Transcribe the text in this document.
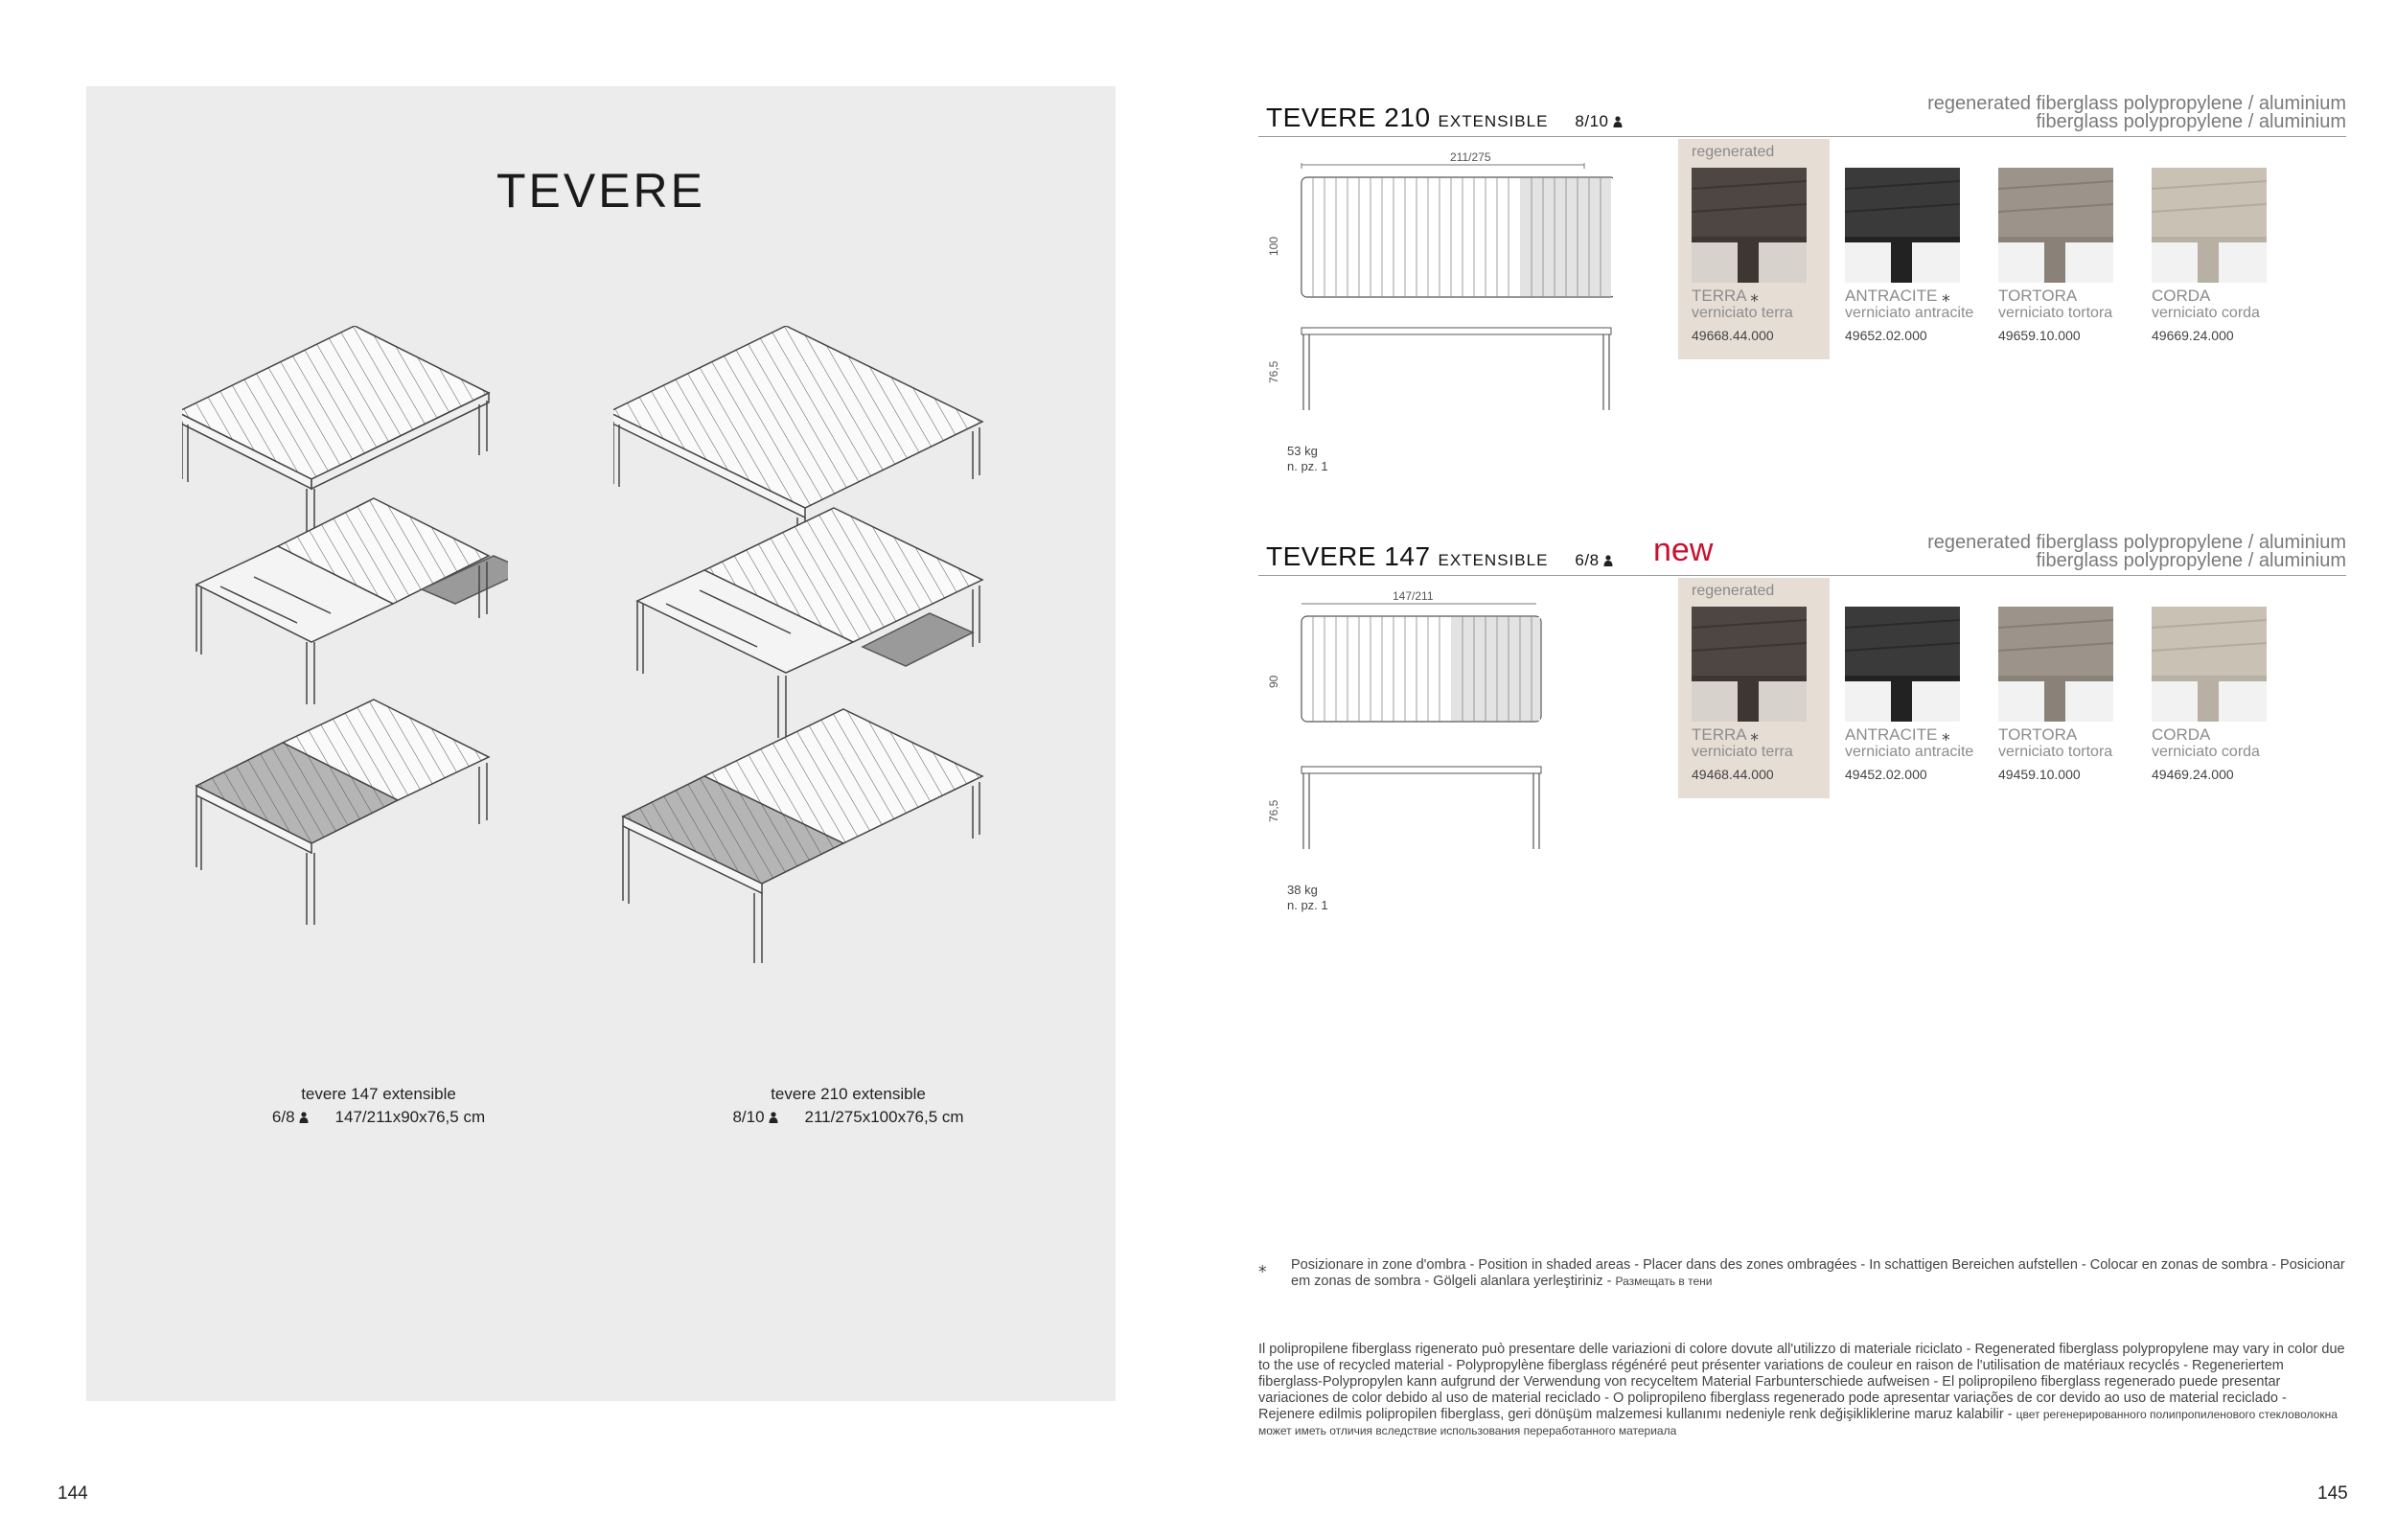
TEVERE
tevere 147 extensible
6/8	147/211x90x76,5 cm
tevere 210 extensible
8/10	211/275x100x76,5 cm
144
TEVERE 210 EXTENSIBLE 8/10
regenerated fiberglass polypropylene / aluminium
fiberglass polypropylene / aluminium
211/275
100
76,5
53 kg
n. pz. 1
regenerated
TERRA ⁎
verniciato terra
49668.44.000
ANTRACITE ⁎
verniciato antracite
49652.02.000
TORTORA
verniciato tortora
49659.10.000
CORDA
verniciato corda
49669.24.000
TEVERE 147 EXTENSIBLE 6/8	new	regenerated fiberglass polypropylene / aluminium
fiberglass polypropylene / aluminium
147/211
90
76,5
38 kg
n. pz. 1
regenerated
TERRA ⁎
verniciato terra
49468.44.000
ANTRACITE ⁎
verniciato antracite
49452.02.000
TORTORA
verniciato tortora
49459.10.000
CORDA
verniciato corda
49469.24.000
⁎ Posizionare in zone d'ombra - Position in shaded areas - Placer dans des zones ombragées - In schattigen Bereichen aufstellen - Colocar en zonas de sombra - Posicionar em zonas de sombra - Gölgeli alanlara yerleştiriniz - Размещать в тени
Il polipropilene fiberglass rigenerato può presentare delle variazioni di colore dovute all'utilizzo di materiale riciclato - Regenerated fiberglass polypropylene may vary in color due to the use of recycled material - Polypropylène fiberglass régénéré peut présenter variations de couleur en raison de l'utilisation de matériaux recyclés - Regeneriertem fiberglass-Polypropylen kann aufgrund der Verwendung von recyceltem Material Farbunterschiede aufweisen - El polipropileno fiberglass regenerado puede presentar variaciones de color debido al uso de material reciclado - O polipropileno fiberglass regenerado pode apresentar variações de cor devido ao uso de material reciclado - Rejenere edilmis polipropilen fiberglass, geri dönüşüm malzemesi kullanımı nedeniyle renk değişikliklerine maruz kalabilir - цвет регенерированного полипропиленового стекловолокна может иметь отличия вследствие использования переработанного материала
145
